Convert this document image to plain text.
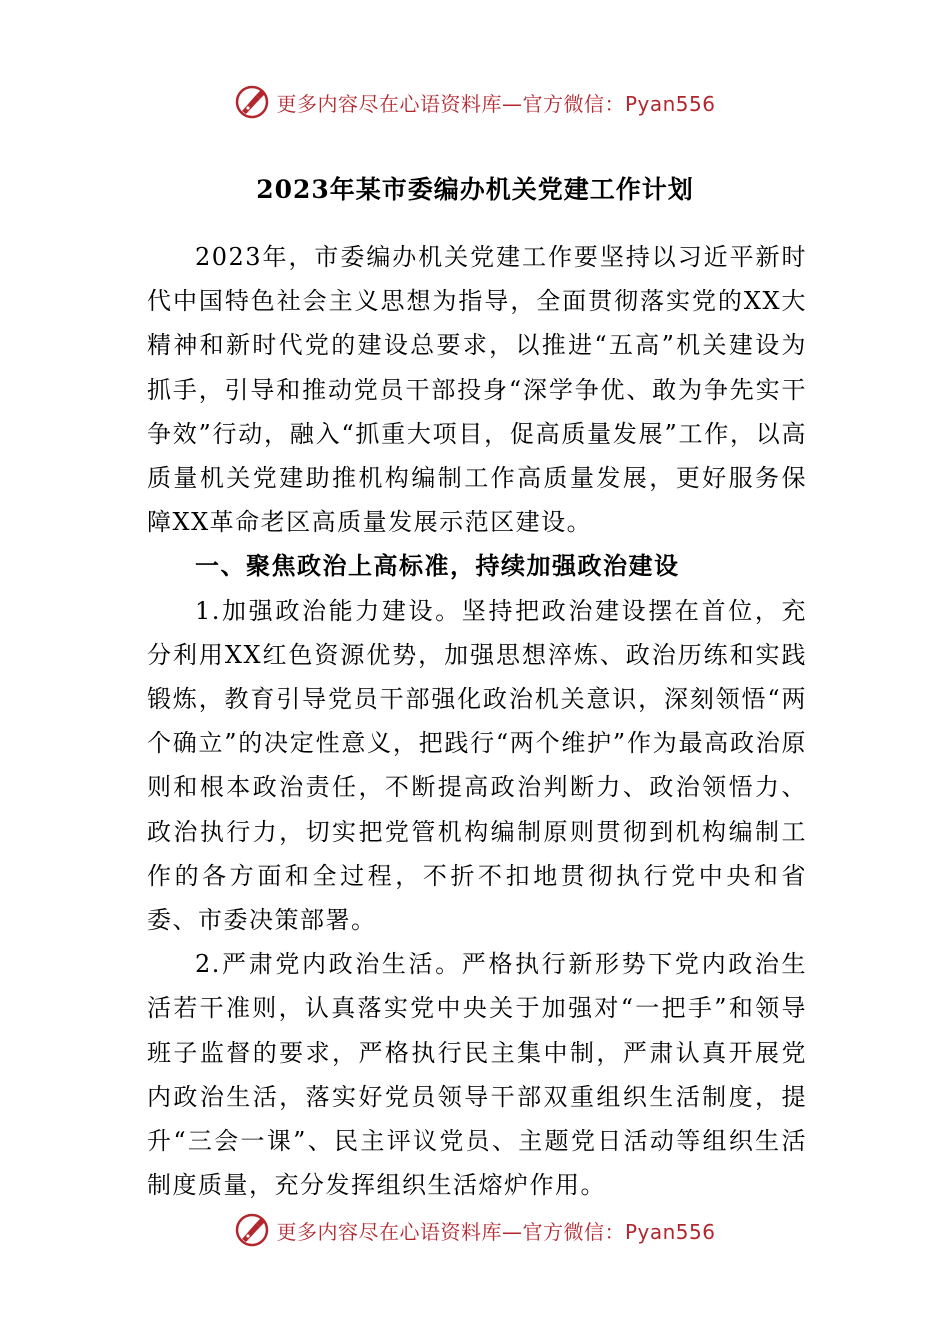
更多内容尽在心语资料库—官方微信：Pyan556
2023年某市委编办机关党建工作计划

2023年，市委编办机关党建工作要坚持以习近平新时代中国特色社会主义思想为指导，全面贯彻落实党的XX大精神和新时代党的建设总要求，以推进“五高”机关建设为抓手，引导和推动党员干部投身“深学争优、敢为争先实干争效”行动，融入“抓重大项目，促高质量发展”工作，以高质量机关党建助推机构编制工作高质量发展，更好服务保障XX革命老区高质量发展示范区建设。

一、聚焦政治上高标准，持续加强政治建设

1.加强政治能力建设。坚持把政治建设摆在首位，充分利用XX红色资源优势，加强思想淬炼、政治历练和实践锻炼，教育引导党员干部强化政治机关意识，深刻领悟“两个确立”的决定性意义，把践行“两个维护”作为最高政治原则和根本政治责任，不断提高政治判断力、政治领悟力、政治执行力，切实把党管机构编制原则贯彻到机构编制工作的各方面和全过程，不折不扣地贯彻执行党中央和省委、市委决策部署。

2.严肃党内政治生活。严格执行新形势下党内政治生活若干准则，认真落实党中央关于加强对“一把手”和领导班子监督的要求，严格执行民主集中制，严肃认真开展党内政治生活，落实好党员领导干部双重组织生活制度，提升“三会一课”、民主评议党员、主题党日活动等组织生活制度质量，充分发挥组织生活熔炉作用。

更多内容尽在心语资料库—官方微信：Pyan556
